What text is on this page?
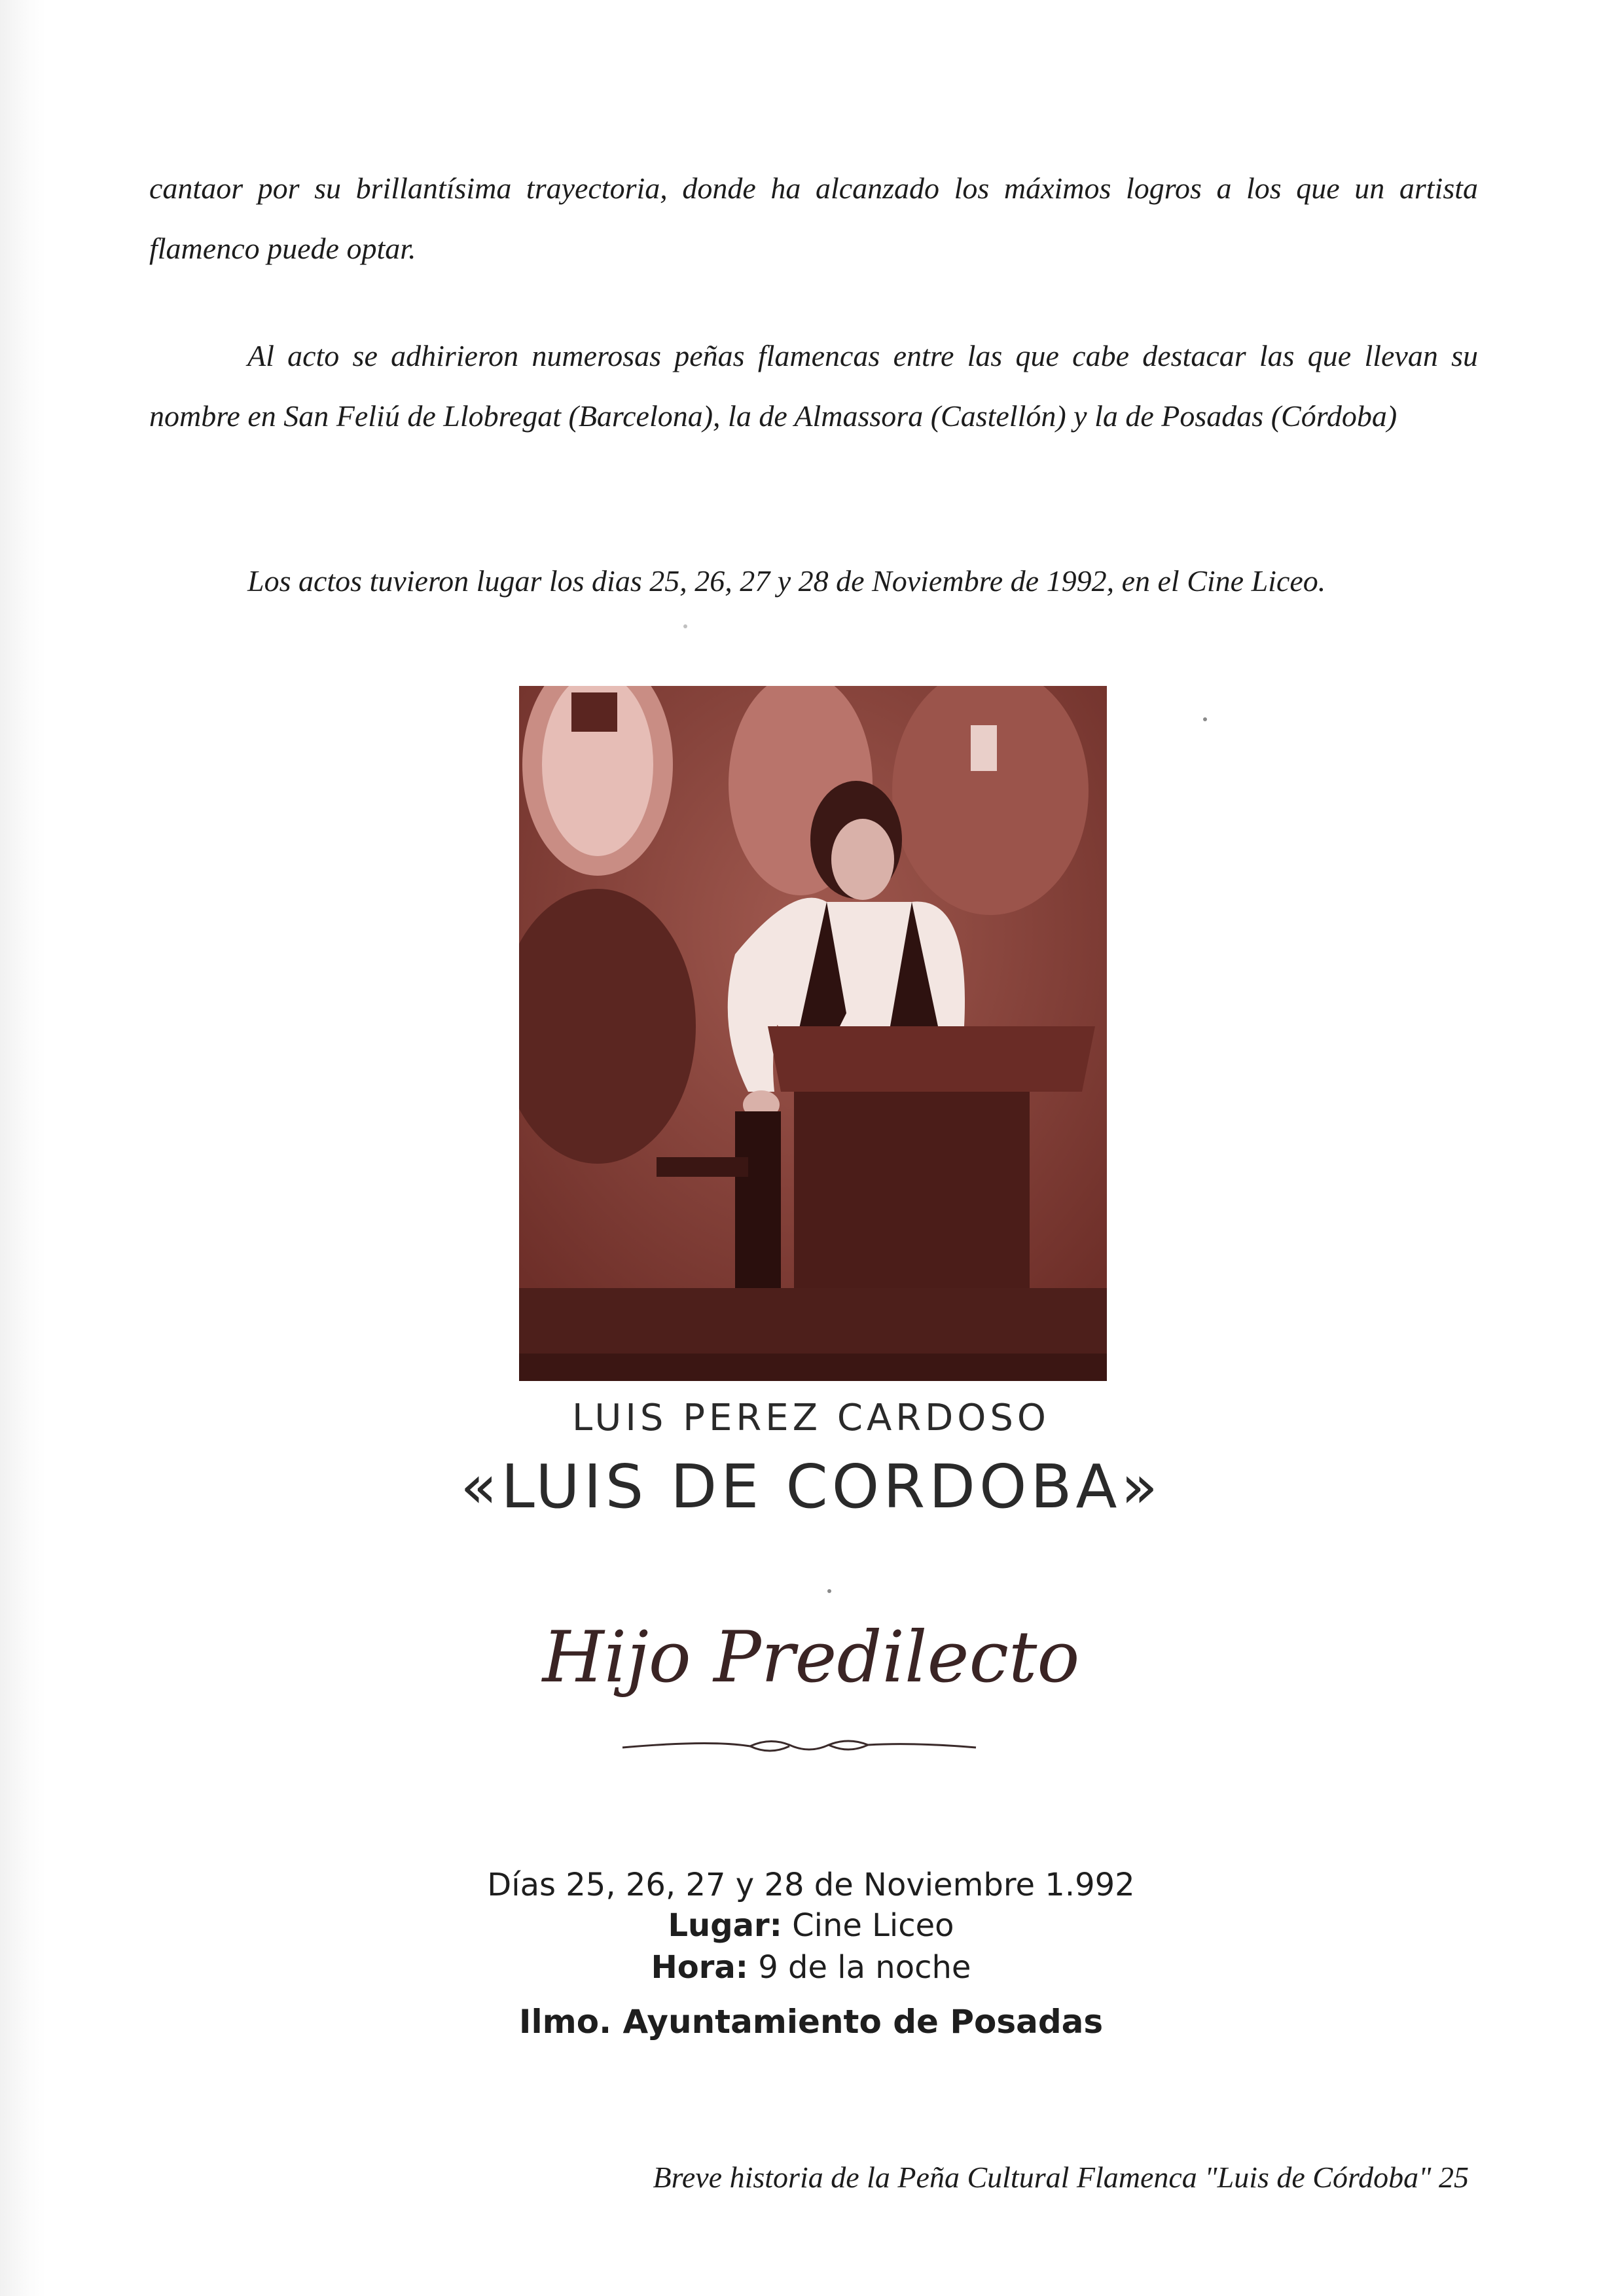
cantaor por su brillantísima trayectoria, donde ha alcanzado los máximos logros a los que un artista flamenco puede optar.

Al acto se adhirieron numerosas peñas flamencas entre las que cabe destacar las que llevan su nombre en San Feliú de Llobregat (Barcelona), la de Almassora (Castellón) y la de Posadas (Córdoba)

Los actos tuvieron lugar los dias 25, 26, 27 y 28 de Noviembre de 1992, en el Cine Liceo.

LUIS PEREZ CARDOSO
«LUIS DE CORDOBA»
Hijo Predilecto
Días 25, 26, 27 y 28 de Noviembre 1.992
Lugar: Cine Liceo
Hora: 9 de la noche
Ilmo. Ayuntamiento de Posadas
Breve historia de la Peña Cultural Flamenca "Luis de Córdoba" 25
